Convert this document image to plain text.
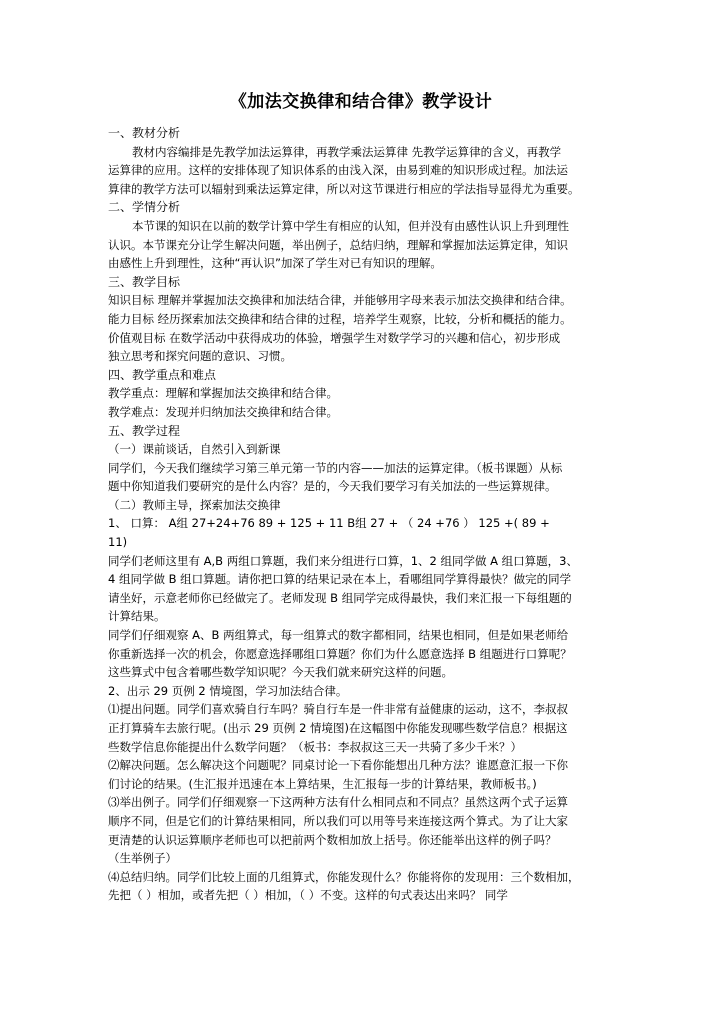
《加法交换律和结合律》教学设计
一、教材分析
教材内容编排是先教学加法运算律，再教学乘法运算律 先教学运算律的含义，再教学
运算律的应用。这样的安排体现了知识体系的由浅入深，由易到难的知识形成过程。加法运
算律的教学方法可以辐射到乘法运算定律，所以对这节课进行相应的学法指导显得尤为重要。
二、学情分析
本节课的知识在以前的数学计算中学生有相应的认知，但并没有由感性认识上升到理性
认识。本节课充分让学生解决问题，举出例子，总结归纳，理解和掌握加法运算定律，知识
由感性上升到理性，这种“再认识”加深了学生对已有知识的理解。
三、教学目标
知识目标 理解并掌握加法交换律和加法结合律，并能够用字母来表示加法交换律和结合律。
能力目标 经历探索加法交换律和结合律的过程，培养学生观察，比较，分析和概括的能力。
价值观目标 在数学活动中获得成功的体验，增强学生对数学学习的兴趣和信心，初步形成
独立思考和探究问题的意识、习惯。
四、教学重点和难点
教学重点：理解和掌握加法交换律和结合律。
教学难点：发现并归纳加法交换律和结合律。
五、教学过程
（一）课前谈话，自然引入到新课
同学们，今天我们继续学习第三单元第一节的内容——加法的运算定律。（板书课题）从标
题中你知道我们要研究的是什么内容？是的，今天我们要学习有关加法的一些运算规律。
（二）教师主导，探索加法交换律
1、 口算： A组 27+24+76 89 + 125 + 11 B组 27 + （ 24 +76 ） 125 +( 89 +
11)
同学们老师这里有 A,B 两组口算题，我们来分组进行口算，1、2 组同学做 A 组口算题，3、
4 组同学做 B 组口算题。请你把口算的结果记录在本上，看哪组同学算得最快？做完的同学
请坐好，示意老师你已经做完了。老师发现 B 组同学完成得最快，我们来汇报一下每组题的
计算结果。
同学们仔细观察 A、B 两组算式，每一组算式的数字都相同，结果也相同，但是如果老师给
你重新选择一次的机会，你愿意选择哪组口算题？你们为什么愿意选择 B 组题进行口算呢？
这些算式中包含着哪些数学知识呢？今天我们就来研究这样的问题。
2、出示 29 页例 2 情境图，学习加法结合律。
⑴提出问题。同学们喜欢骑自行车吗？骑自行车是一件非常有益健康的运动，这不，李叔叔
正打算骑车去旅行呢。(出示 29 页例 2 情境图)在这幅图中你能发现哪些数学信息？根据这
些数学信息你能提出什么数学问题？（板书：李叔叔这三天一共骑了多少千米？）
⑵解决问题。怎么解决这个问题呢？同桌讨论一下看你能想出几种方法？谁愿意汇报一下你
们讨论的结果。(生汇报并迅速在本上算结果，生汇报每一步的计算结果，教师板书。)
⑶举出例子。同学们仔细观察一下这两种方法有什么相同点和不同点？虽然这两个式子运算
顺序不同，但是它们的计算结果相同，所以我们可以用等号来连接这两个算式。为了让大家
更清楚的认识运算顺序老师也可以把前两个数相加放上括号。你还能举出这样的例子吗？
（生举例子）
⑷总结归纳。同学们比较上面的几组算式，你能发现什么？你能将你的发现用：三个数相加，
先把（ ）相加，或者先把（ ）相加，（ ）不变。这样的句式表达出来吗？ 同学
